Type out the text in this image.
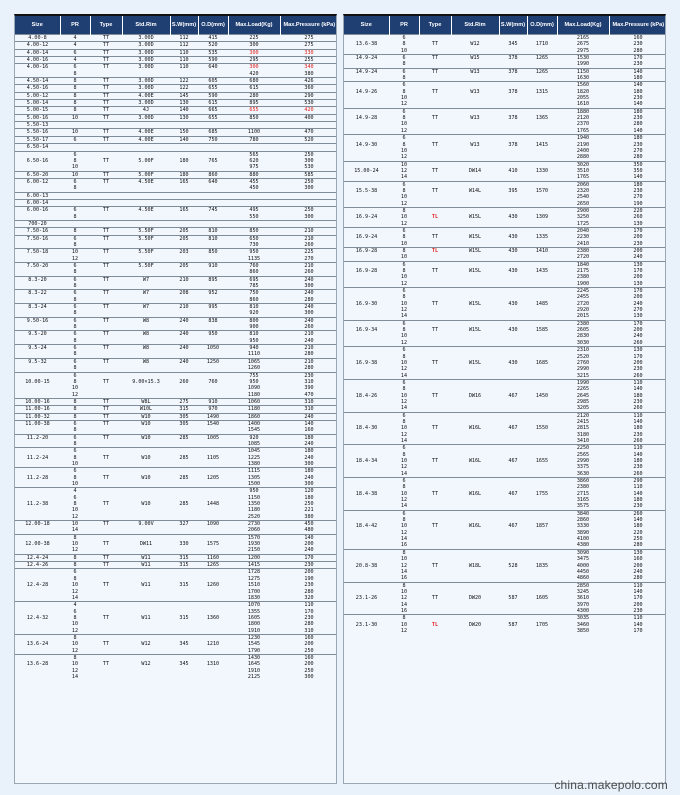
Size	PR	Type	Std.Rim	S.W(mm)	O.D(mm)	Max.Load(Kg)	Max.Pressure (kPa)
4.00-8	4	TT	3.00D	112	415	225	275
4.00-12	4	TT	3.00D	112	520	300	275
4.00-14	6	TT	3.00D	110	535	300	330
4.00-16	4	TT	3.00D	110	590	295	255
4.00-16	6	TT	3.00D	110	640	300	340
	8					420	380
4.50-14	8	TT	3.00D	122	605	680	426
4.50-16	8	TT	3.00D	122	655	615	360
5.00-12	8	TT	4.00E	145	590	280	290
5.00-14	8	TT	3.00D	130	615	895	530
5.00-15	8	TT	4J	140	665	655	420
5.00-16	10	TT	3.00D	130	655	850	400
5.50-13							
5.50-16	10	TT	4.00E	150	685	1100	470
5.50-17	6	TT	4.00E	140	750	780	520
6.50-14							
	6					565	250
6.50-16	8	TT	5.00F	180	765	620	300
	10					975	530
6.50-20	10	TT	5.00F	180	860	880	585
6.00-12	6	TT	4.50E	165	640	455	250
	8					450	300
6.00-13							
6.00-14							
6.00-16	6	TT	4.50E	165	745	495	250
	8					550	300
700-20							
7.50-16	8	TT	5.50F	205	810	850	210
7.50-16	6	TT	5.50F	205	810	650	210
	8					730	260
7.50-18	10	TT	5.50F	203	850	950	225
	12					1135	270
7.50-20	6	TT	5.50F	205	910	760	210
	8					860	260
8.3-20	6	TT	W7	210	895	695	240
	8					785	300
8.3-22	6	TT	W7	208	952	750	240
	8					860	280
8.3-24	6	TT	W7	210	995	810	240
	8					920	300
9.50-16	6	TT	W8	240	838	800	240
	8					900	260
9.5-20	6	TT	W8	240	950	810	210
	8					950	240
9.5-24	6	TT	W8	240	1050	940	210
	8					1110	280
9.5-32	6	TT	W8	240	1250	1065	210
	8					1260	280
	6					755	230
10.00-15	8	TT	9.00×15.3	260	760	950	310
	10					1090	390
	12					1180	470
10.00-16	8	TT	W8L	275	910	1060	310
11.00-16	8	TT	W10L	315	970	1180	310
11.00-32	8	TT	W10	305	1490	1860	240
11.00-38	6	TT	W10	305	1540	1400	140
	8					1545	160
11.2-20	6	TT	W10	285	1005	920	180
	8					1085	240
	6					1045	180
11.2-24	8	TT	W10	285	1105	1225	240
	10					1380	300
	6					1115	180
11.2-28	8	TT	W10	285	1205	1305	240
	10					1500	300
	4					950	120
	6					1150	180
11.2-38	8	TT	W10	285	1448	1350	250
	10					1180	221
	12					2520	380
12.00-18	10	TT	9.00V	327	1090	2730	450
	14					2060	480
	8					1570	140
12.00-38	10	TT	DW11	330	1575	1930	200
	12					2150	240
12.4-24	8	TT	W11	315	1160	1200	170
12.4-26	8	TT	W11	315	1265	1415	230
	6					1728	200
	8					1275	190
12.4-28	10	TT	W11	315	1260	1510	230
	12					1700	280
	14					1830	320
	4					1070	110
	6					1355	170
12.4-32	8	TT	W11	315	1360	1605	230
	10					1800	280
	12					1910	310
	8					1230	160
13.6-24	10	TT	W12	345	1210	1545	200
	12					1790	250
	8					1430	160
13.6-28	10	TT	W12	345	1310	1645	200
	12					1910	250
	14					2125	300
Size	PR	Type	Std.Rim	S.W(mm)	O.D(mm)	Max.Load(Kg)	Max.Pressure (kPa)
	6					2165	160
13.6-38	8	TT	W12	345	1710	2675	230
	10					2975	280
14.9-24	6	TT	W15	378	1265	1530	170
	8					1990	230
14.9-24	6	TT	W13	378	1265	1150	140
	8					1630	180
	6					1560	140
14.9-26	8	TT	W13	378	1315	1820	180
	10					2055	230
	12					1610	140
	6					1880	180
14.9-28	8	TT	W13	378	1365	2120	230
	10					2370	280
	12					1765	140
	6					1940	180
14.9-30	8	TT	W13	378	1415	2190	230
	10					2400	270
	12					2880	280
	10					3020	350
15.00-24	12	TT	DW14	410	1330	3510	350
	14					1765	140
	6					2060	180
15.5-38	8	TT	W14L	395	1570	2320	230
	10					2540	270
	12					2650	190
	8					2900	220
16.9-24	10	TL	W15L	430	1309	3250	260
	12					1725	130
	6					2040	170
16.9-24	8	TT	W15L	430	1335	2230	200
	10					2410	230
16.9-28	8	TL	W15L	430	1410	2380	200
	10					2720	240
	6					1840	130
16.9-28	8	TT	W15L	430	1435	2175	170
	10					2380	200
	12					1900	130
	6					2245	170
	8					2455	200
16.9-30	10	TT	W15L	430	1485	2720	240
	12					2920	270
	14					2015	130
	6					2380	170
16.9-34	8	TT	W15L	430	1585	2605	200
	10					2830	240
	12					3030	260
	6					2310	130
	8					2520	170
16.9-38	10	TT	W15L	430	1685	2760	200
	12					2990	230
	14					3215	260
	6					1990	110
	8					2265	140
18.4-26	10	TT	DW16	467	1450	2645	180
	12					2985	230
	14					3205	260
	6					2120	110
	8					2415	140
18.4-30	10	TT	W16L	467	1550	2815	180
	12					3180	230
	14					3410	260
	6					2250	110
	8					2565	140
18.4-34	10	TT	W16L	467	1655	2990	180
	12					3375	230
	14					3630	260
	6					3860	290
	8					2380	110
18.4-38	10	TT	W16L	467	1755	2715	140
	12					3165	180
	14					3575	230
	6					3840	260
	8					2860	140
18.4-42	10	TT	W16L	467	1857	3330	180
	12					3890	220
	14					4100	250
	16					4380	280
	8					3090	130
	10					3475	160
20.8-38	12	TT	W18L	528	1835	4000	200
	14					4450	240
	16					4860	280
	8					2850	110
	10					3245	140
23.1-26	12	TT	DW20	587	1605	3610	170
	14					3970	200
	16					4300	230
	8					3035	110
23.1-30	10	TL	DW20	587	1705	3460	140
	12					3850	170
china.makepolo.com
